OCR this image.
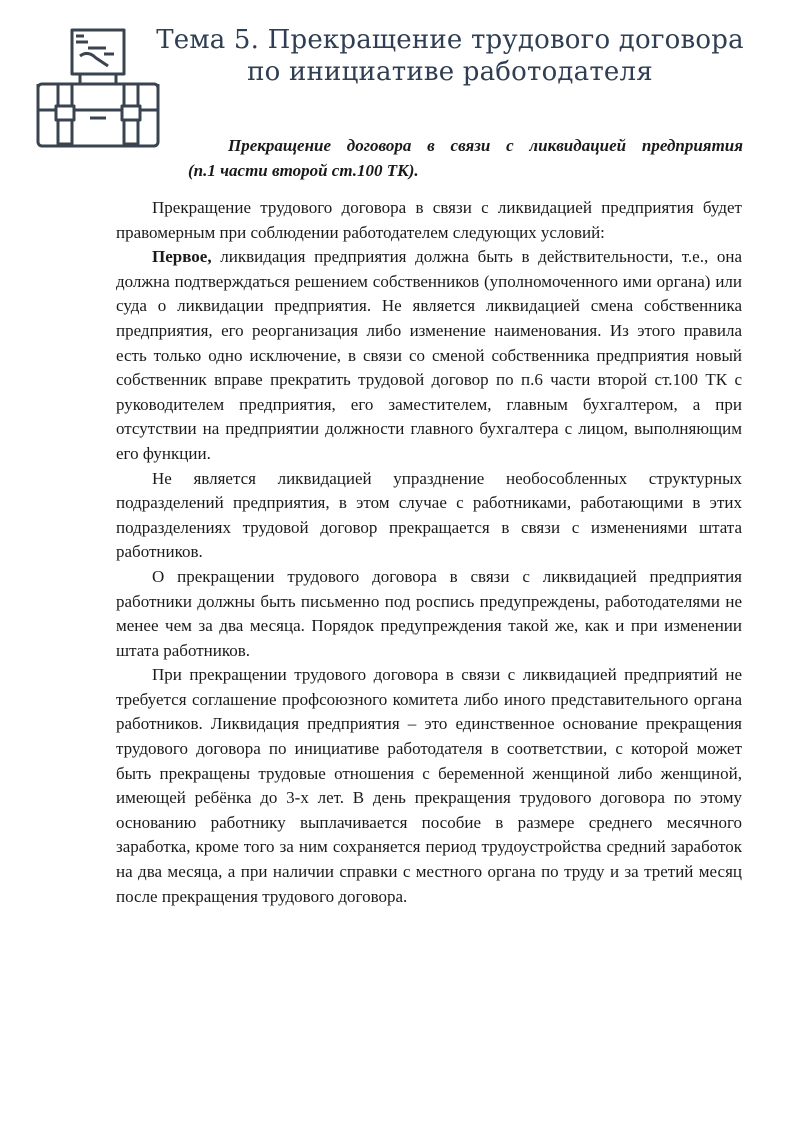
Тема 5. Прекращение трудового договора
по инициативе работодателя
Прекращение договора в связи с ликвидацией предприятия
(п.1 части второй ст.100 ТК).

Прекращение трудового договора в связи с ликвидацией предприятия будет правомерным при соблюдении работодателем следующих условий:

Первое, ликвидация предприятия должна быть в действительности, т.е., она должна подтверждаться решением собственников (уполномоченного ими органа) или суда о ликвидации предприятия. Не является ликвидацией смена собственника предприятия, его реорганизация либо изменение наименования. Из этого правила есть только одно исключение, в связи со сменой собственника предприятия новый собственник вправе прекратить трудовой договор по п.6 части второй ст.100 ТК с руководителем предприятия, его заместителем, главным бухгалтером, а при отсутствии на предприятии должности главного бухгалтера с лицом, выполняющим его функции.

Не является ликвидацией упразднение необособленных структурных подразделений предприятия, в этом случае с работниками, работающими в этих подразделениях трудовой договор прекращается в связи с изменениями штата работников.

О прекращении трудового договора в связи с ликвидацией предприятия работники должны быть письменно под роспись предупреждены, работодателями не менее чем за два месяца. Порядок предупреждения такой же, как и при изменении штата работников.

При прекращении трудового договора в связи с ликвидацией предприятий не требуется соглашение профсоюзного комитета либо иного представительного органа работников. Ликвидация предприятия – это единственное основание прекращения трудового договора по инициативе работодателя в соответствии, с которой может быть прекращены трудовые отношения с беременной женщиной либо женщиной, имеющей ребёнка до 3-х лет. В день прекращения трудового договора по этому основанию работнику выплачивается пособие в размере среднего месячного заработка, кроме того за ним сохраняется период трудоустройства средний заработок на два месяца, а при наличии справки с местного органа по труду и за третий месяц после прекращения трудового договора.
